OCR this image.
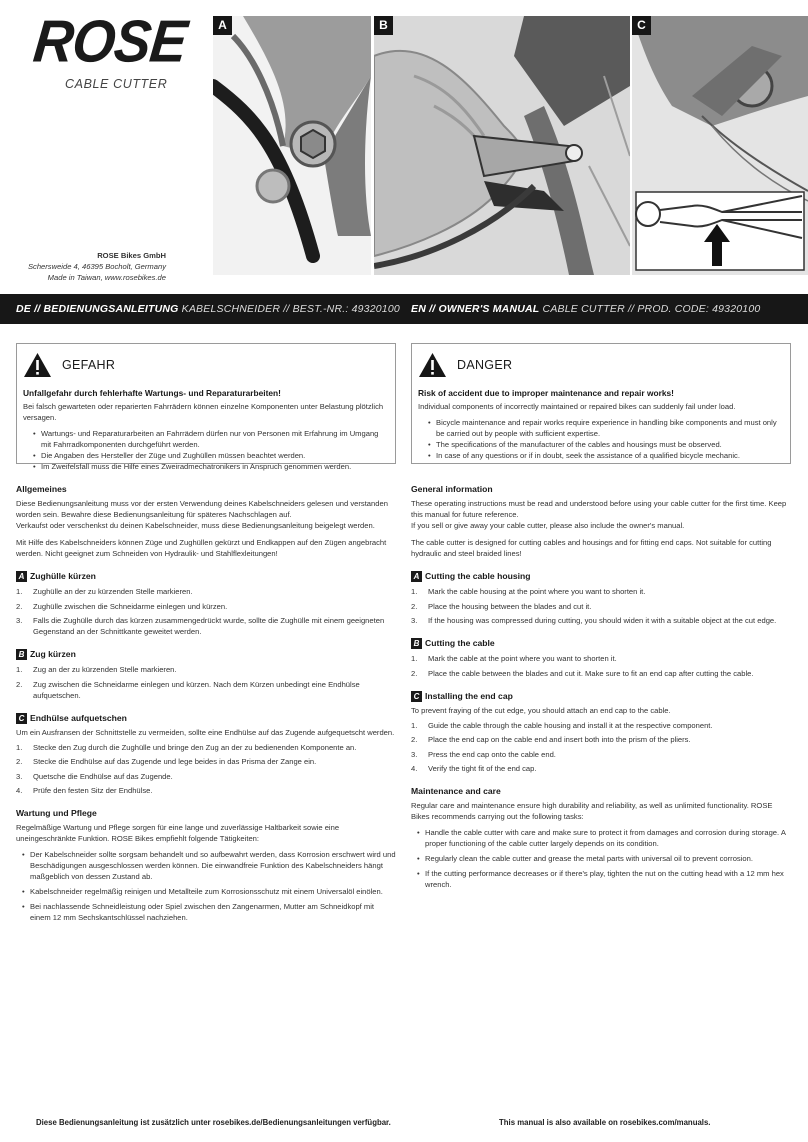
ROSE
CABLE CUTTER
ROSE Bikes GmbH
Schersweide 4, 46395 Bocholt, Germany
Made in Taiwan, www.rosebikes.de
A	B	C
DE // BEDIENUNGSANLEITUNG KABELSCHNEIDER // BEST.-NR.: 49320100 EN // OWNER'S MANUAL CABLE CUTTER // PROD. CODE: 49320100
GEFAHR
Unfallgefahr durch fehlerhafte Wartungs- und Reparaturarbeiten!
Bei falsch gewarteten oder reparierten Fahrrädern können einzelne Komponenten unter Belastung plötzlich versagen.
• Wartungs- und Reparaturarbeiten an Fahrrädern dürfen nur von Personen mit Erfahrung im Umgang mit Fahrradkomponenten durchgeführt werden.
• Die Angaben des Hersteller der Züge und Zughüllen müssen beachtet werden.
• Im Zweifelsfall muss die Hilfe eines Zweiradmechatronikers in Anspruch genommen werden.
Allgemeines
Diese Bedienungsanleitung muss vor der ersten Verwendung deines Kabelschneiders gelesen und verstanden worden sein. Bewahre diese Bedienungsanleitung für späteres Nachschlagen auf.
Verkaufst oder verschenkst du deinen Kabelschneider, muss diese Bedienungsanleitung beigelegt werden.
Mit Hilfe des Kabelschneiders können Züge und Zughüllen gekürzt und Endkappen auf den Zügen angebracht werden. Nicht geeignet zum Schneiden von Hydraulik- und Stahlflexleitungen!
A Zughülle kürzen
1. Zughülle an der zu kürzenden Stelle markieren.
2. Zughülle zwischen die Schneidarme einlegen und kürzen.
3. Falls die Zughülle durch das kürzen zusammengedrückt wurde, sollte die Zughülle mit einem geeigneten Gegenstand an der Schnittkante geweitet werden.
B Zug kürzen
1. Zug an der zu kürzenden Stelle markieren.
2. Zug zwischen die Schneidarme einlegen und kürzen. Nach dem Kürzen unbedingt eine Endhülse aufquetschen.
C Endhülse aufquetschen
Um ein Ausfransen der Schnittstelle zu vermeiden, sollte eine Endhülse auf das Zugende aufgequetscht werden.
1. Stecke den Zug durch die Zughülle und bringe den Zug an der zu bedienenden Komponente an.
2. Stecke die Endhülse auf das Zugende und lege beides in das Prisma der Zange ein.
3. Quetsche die Endhülse auf das Zugende.
4. Prüfe den festen Sitz der Endhülse.
Wartung und Pflege
Regelmäßige Wartung und Pflege sorgen für eine lange und zuverlässige Haltbarkeit sowie eine uneingeschränkte Funktion. ROSE Bikes empfiehlt folgende Tätigkeiten:
• Der Kabelschneider sollte sorgsam behandelt und so aufbewahrt werden, dass Korrosion erschwert wird und Beschädigungen ausgeschlossen werden können. Die einwandfreie Funktion des Kabelschneiders hängt maßgeblich von dessen Zustand ab.
• Kabelschneider regelmäßig reinigen und Metallteile zum Korrosionsschutz mit einem Universalöl einölen.
• Bei nachlassende Schneidleistung oder Spiel zwischen den Zangenarmen, Mutter am Schneidkopf mit einem 12 mm Sechskantschlüssel nachziehen.
DANGER
Risk of accident due to improper maintenance and repair works!
Individual components of incorrectly maintained or repaired bikes can suddenly fail under load.
• Bicycle maintenance and repair works require experience in handling bike components and must only be carried out by people with sufficient expertise.
• The specifications of the manufacturer of the cables and housings must be observed.
• In case of any questions or if in doubt, seek the assistance of a qualified bicycle mechanic.
General information
These operating instructions must be read and understood before using your cable cutter for the first time. Keep this manual for future reference.
If you sell or give away your cable cutter, please also include the owner's manual.
The cable cutter is designed for cutting cables and housings and for fitting end caps. Not suitable for cutting hydraulic and steel braided lines!
A Cutting the cable housing
1. Mark the cable housing at the point where you want to shorten it.
2. Place the housing between the blades and cut it.
3. If the housing was compressed during cutting, you should widen it with a suitable object at the cut edge.
B Cutting the cable
1. Mark the cable at the point where you want to shorten it.
2. Place the cable between the blades and cut it. Make sure to fit an end cap after cutting the cable.
C Installing the end cap
To prevent fraying of the cut edge, you should attach an end cap to the cable.
1. Guide the cable through the cable housing and install it at the respective component.
2. Place the end cap on the cable end and insert both into the prism of the pliers.
3. Press the end cap onto the cable end.
4. Verify the tight fit of the end cap.
Maintenance and care
Regular care and maintenance ensure high durability and reliability, as well as unlimited functionality. ROSE Bikes recommends carrying out the following tasks:
• Handle the cable cutter with care and make sure to protect it from damages and corrosion during storage. A proper functioning of the cable cutter largely depends on its condition.
• Regularly clean the cable cutter and grease the metal parts with universal oil to prevent corrosion.
• If the cutting performance decreases or if there's play, tighten the nut on the cutting head with a 12 mm hex wrench.
Diese Bedienungsanleitung ist zusätzlich unter rosebikes.de/Bedienungsanleitungen verfügbar.	This manual is also available on rosebikes.com/manuals.
